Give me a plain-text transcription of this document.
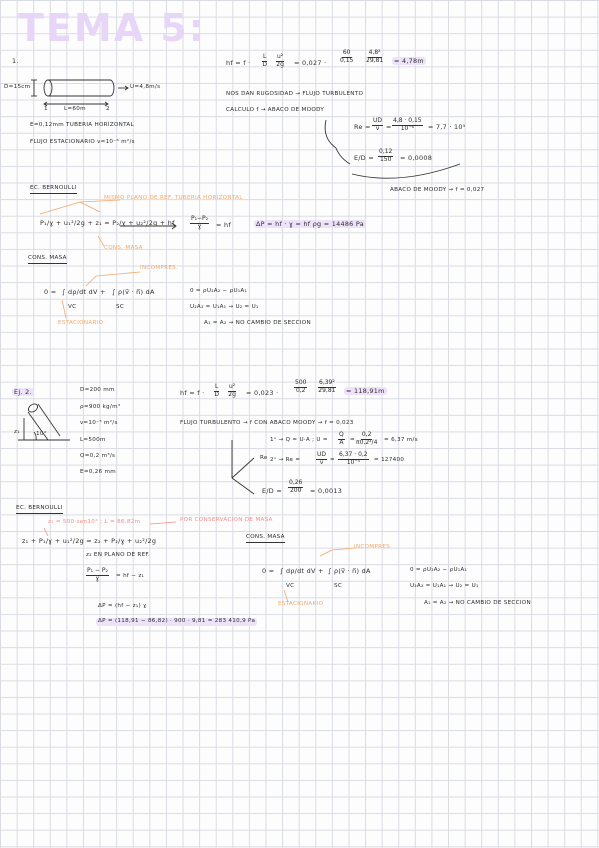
TEMA 5:
1.
D=15cm	U=4,8m/s
L=60m
1	2
E=0,12mm TUBERIA HORIZONTAL
FLUJO ESTACIONARIO ν=10⁻⁶ m²/s
hf = $f \cdot \frac{L}{D} \frac{\text{u²}}{2g} = 0,027 \cdot \frac{60}{0,15} \frac{\text{4,8²}}{29,81}$	= 4,78m
NOS DAN RUGOSIDAD → FLUJO TURBULENTO
CALCULO f → ABACO DE MOODY
$Re = \frac{UD}{\nu} = \frac{4,8 \cdot 0,15}{\text{10⁻⁶}} = 7,7 \cdot 10^5$
$E/D = \frac{0,12}{150} = 0,0008$
ABACO DE MOODY → f = 0,027
EC. BERNOULLI
MISMO PLANO DE REF. TUBERIA HORIZONTAL
P₁/ɣ + u₁²/2g + z₁ = P₂/ɣ + u₂²/2g + hf
CONS. MASA
$\frac{\text{P₁−P₂}}{\text{ɣ}}$ = hf	ΔP = hf · ɣ = hf ρg = 14486 Pa
CONS. MASA
INCOMPRES.
0 = ∫ dρ/dt dV + ∫ ρ(v⃗ · n⃗) dA
VC	SC
ESTACIONARIO
0 = ρU₂A₂ − ρU₁A₁
U₂A₂ = U₁A₁ → U₂ = U₁
A₁ = A₂ → NO CAMBIO DE SECCION
Ej. 2.	D=200 mm
ρ=900 kg/m³
ν=10⁻⁵ m²/s
L=500m
Q=0,2 m³/s
E=0,26 mm
10°
z₁
hf = $f \cdot \frac{L}{D} \frac{\text{u²}}{2g} = 0,023$ ·	$\frac{500}{0,2} \frac{\text{6,39²}}{29,81}$	= 118,91m
FLUJO TURBULENTO → f CON ABACO MOODY → f = 0,023
1ᵒ → Q = U·A ; $U = \frac{Q}{A} = \frac{0,2}{\text{π0,2²/4}} = 6,37$ m/s
Re 2ᵒ → Re =	$\frac{UD}{\nu} = \frac{6,37 \cdot 0,2}{\text{10⁻⁵}} = 127400$
$E/D = \frac{0,26}{200} = 0,0013$
EC. BERNOULLI
z₁ = 500·sen10° ; L = 86,82m	POR CONSERVACION DE MASA
z₁ + P₁/ɣ + u₁²/2g = z₂ + P₂/ɣ + u₂²/2g
z₂ EN PLANO DE REF.
$\frac{\text{P₁ − P₂}}{\text{ɣ}}$ = hf − z₁
ΔP = (hf − z₁) ɣ
ΔP = (118,91 − 86,82) · 900 · 9,81 = 283 410,9 Pa
CONS. MASA
INCOMPRES.
0 = ∫ dρ/dt dV + ∫ ρ(v⃗ · n⃗) dA
VC	SC
ESTACIONARIO
0 = ρU₂A₂ − ρU₁A₁
U₂A₂ = U₁A₁ → U₂ = U₁
A₁ = A₂ → NO CAMBIO DE SECCION
